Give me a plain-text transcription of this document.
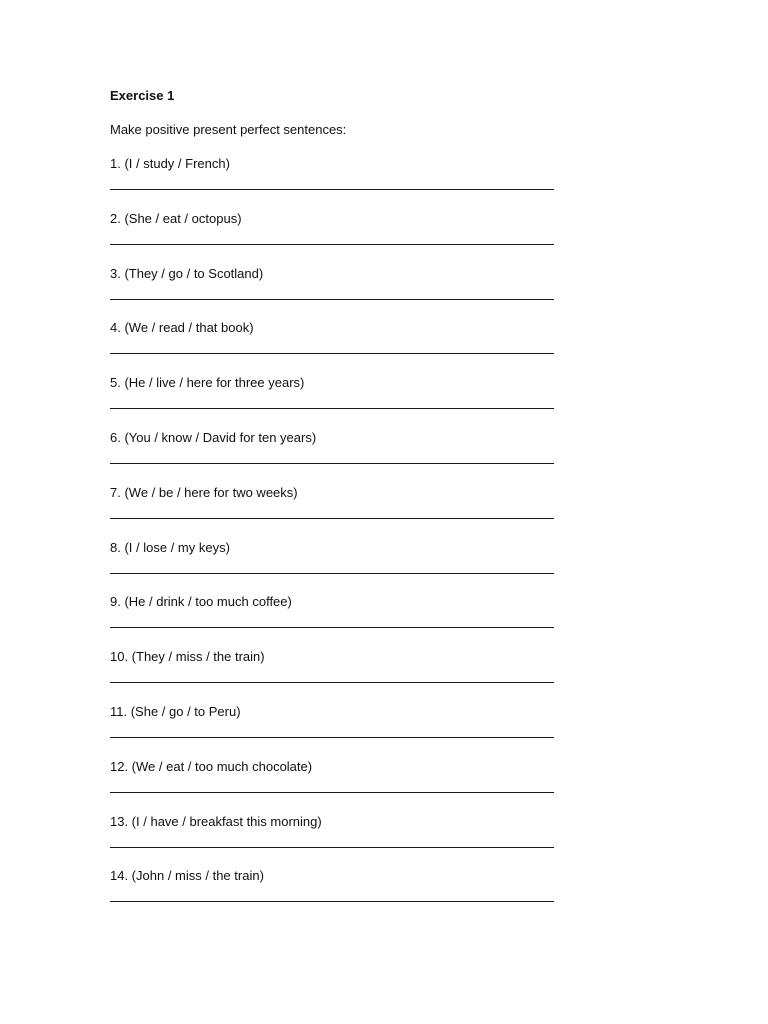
Exercise 1
Make positive present perfect sentences:
1. (I / study / French)
2. (She / eat / octopus)
3. (They / go / to Scotland)
4. (We / read / that book)
5. (He / live / here for three years)
6. (You / know / David for ten years)
7. (We / be / here for two weeks)
8. (I / lose / my keys)
9. (He / drink / too much coffee)
10. (They / miss / the train)
11. (She / go / to Peru)
12. (We / eat / too much chocolate)
13. (I / have / breakfast this morning)
14. (John / miss / the train)
